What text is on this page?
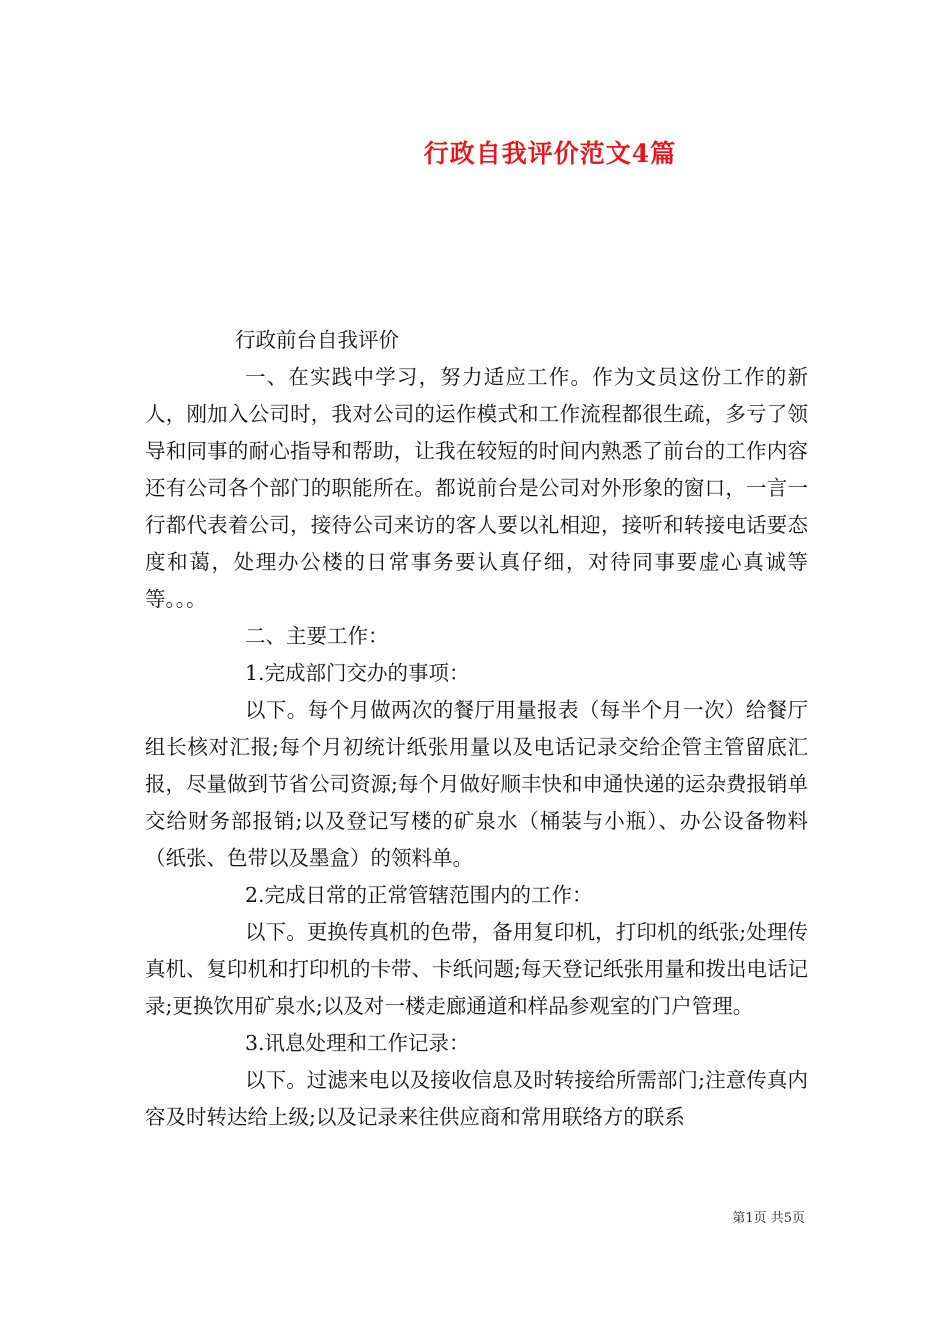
行政自我评价范文4篇

行政前台自我评价

一、在实践中学习，努力适应工作。作为文员这份工作的新人，刚加入公司时，我对公司的运作模式和工作流程都很生疏，多亏了领导和同事的耐心指导和帮助，让我在较短的时间内熟悉了前台的工作内容还有公司各个部门的职能所在。都说前台是公司对外形象的窗口，一言一行都代表着公司，接待公司来访的客人要以礼相迎，接听和转接电话要态度和蔼，处理办公楼的日常事务要认真仔细，对待同事要虚心真诚等等。。。

二、主要工作：

1.完成部门交办的事项：

以下。每个月做两次的餐厅用量报表（每半个月一次）给餐厅组长核对汇报;每个月初统计纸张用量以及电话记录交给企管主管留底汇报，尽量做到节省公司资源;每个月做好顺丰快和申通快递的运杂费报销单交给财务部报销;以及登记写楼的矿泉水（桶装与小瓶）、办公设备物料（纸张、色带以及墨盒）的领料单。

2.完成日常的正常管辖范围内的工作：

以下。更换传真机的色带，备用复印机，打印机的纸张;处理传真机、复印机和打印机的卡带、卡纸问题;每天登记纸张用量和拨出电话记录;更换饮用矿泉水;以及对一楼走廊通道和样品参观室的门户管理。

3.讯息处理和工作记录：

以下。过滤来电以及接收信息及时转接给所需部门;注意传真内容及时转达给上级;以及记录来往供应商和常用联络方的联系

第1页 共5页
